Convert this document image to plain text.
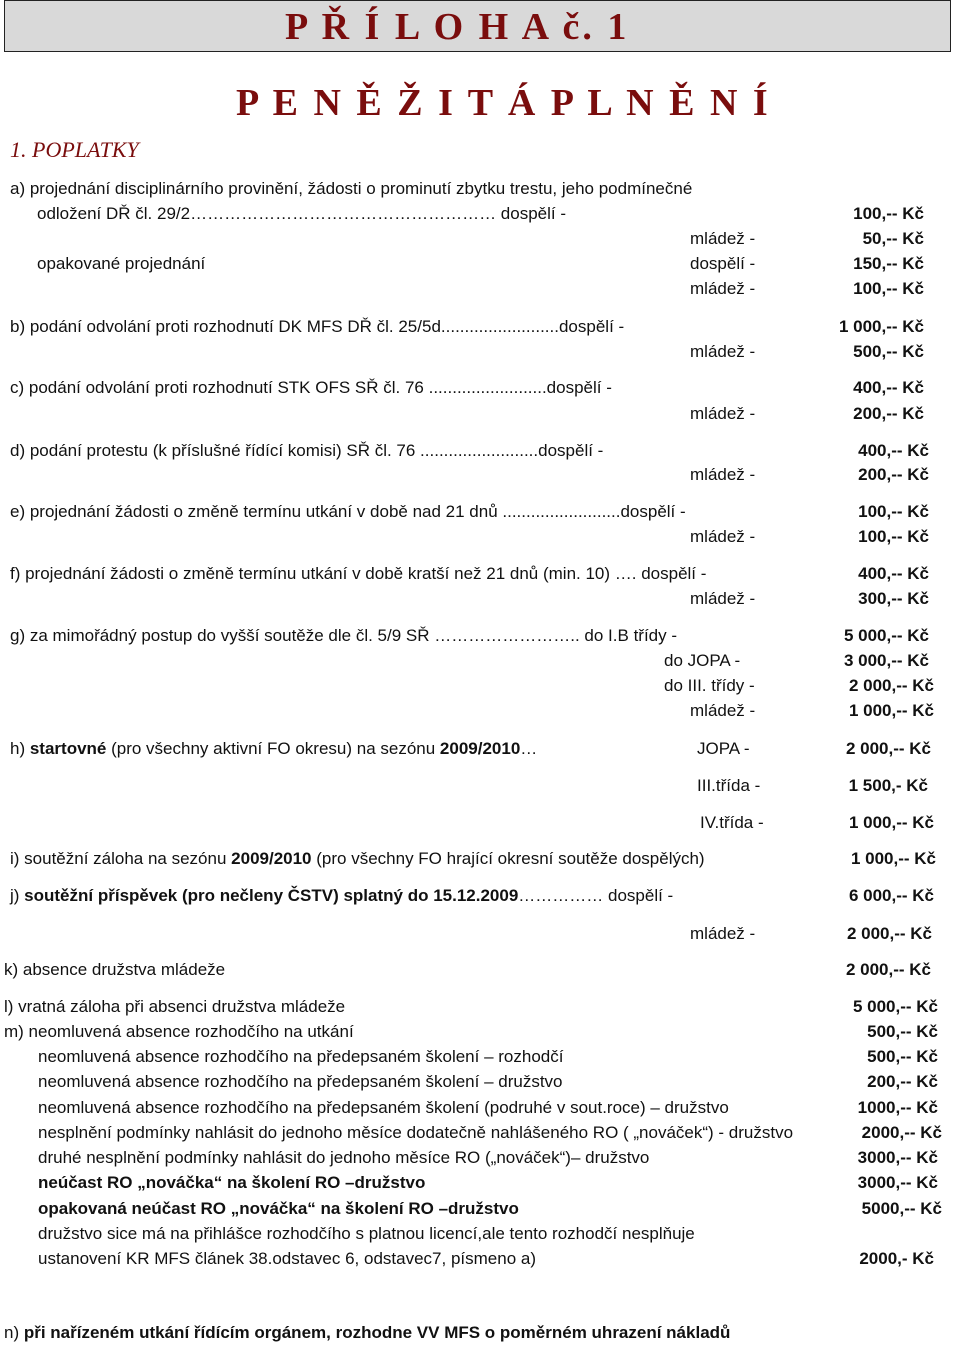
P Ř Í L O H A č. 1
P E N Ě Ž I T Á P L N Ě N Í
1. POPLATKY
a) projednání disciplinárního provinění, žádosti o prominutí zbytku trestu, jeho podmínečné
odložení DŘ čl. 29/2……………………………………………… dospělí -	100,-- Kč
mládež -	50,-- Kč
opakované projednání	dospělí -	150,-- Kč
mládež -	100,-- Kč
b) podání odvolání proti rozhodnutí DK MFS DŘ čl. 25/5d.........................dospělí -	1 000,-- Kč
mládež -	500,-- Kč
c) podání odvolání proti rozhodnutí STK OFS SŘ čl. 76 .........................dospělí -	400,-- Kč
mládež -	200,-- Kč
d) podání protestu (k příslušné řídící komisi) SŘ čl. 76 .........................dospělí -	400,-- Kč
mládež -	200,-- Kč
e) projednání žádosti o změně termínu utkání v době nad 21 dnů .........................dospělí -	100,-- Kč
mládež -	100,-- Kč
f) projednání žádosti o změně termínu utkání v době kratší než 21 dnů (min. 10) …. dospělí -	400,-- Kč
mládež -	300,-- Kč
g) za mimořádný postup do vyšší soutěže dle čl. 5/9 SŘ …………………….. do I.B třídy -	5 000,-- Kč
do JOPA -	3 000,-- Kč
do III. třídy -	2 000,-- Kč
mládež -	1 000,-- Kč
h) startovné (pro všechny aktivní FO okresu) na sezónu 2009/2010…	JOPA -	2 000,-- Kč
III.třída -	1 500,- Kč
IV.třída -	1 000,-- Kč
i) soutěžní záloha na sezónu 2009/2010 (pro všechny FO hrající okresní soutěže dospělých)	1 000,-- Kč
j) soutěžní příspěvek (pro nečleny ČSTV) splatný do 15.12.2009…………… dospělí -	6 000,-- Kč
mládež -	2 000,-- Kč
k) absence družstva mládeže	2 000,-- Kč
l) vratná záloha při absenci družstva mládeže	5 000,-- Kč
m) neomluvená absence rozhodčího na utkání	500,-- Kč
neomluvená absence rozhodčího na předepsaném školení – rozhodčí	500,-- Kč
neomluvená absence rozhodčího na předepsaném školení – družstvo	200,-- Kč
neomluvená absence rozhodčího na předepsaném školení (podruhé v sout.roce) – družstvo	1000,-- Kč
nesplnění podmínky nahlásit do jednoho měsíce dodatečně nahlášeného RO ( „nováček“) - družstvo	2000,-- Kč
druhé nesplnění podmínky nahlásit do jednoho měsíce RO („nováček“)– družstvo	3000,-- Kč
neúčast RO „nováčka“ na školení RO –družstvo	3000,-- Kč
opakovaná neúčast RO „nováčka“ na školení RO –družstvo	5000,-- Kč
družstvo sice má na přihlášce rozhodčího s platnou licencí,ale tento rozhodčí nesplňuje
ustanovení KR MFS článek 38.odstavec 6, odstavec7, písmeno a)	2000,- Kč
n) při nařízeném utkání řídícím orgánem, rozhodne VV MFS o poměrném uhrazení nákladů
